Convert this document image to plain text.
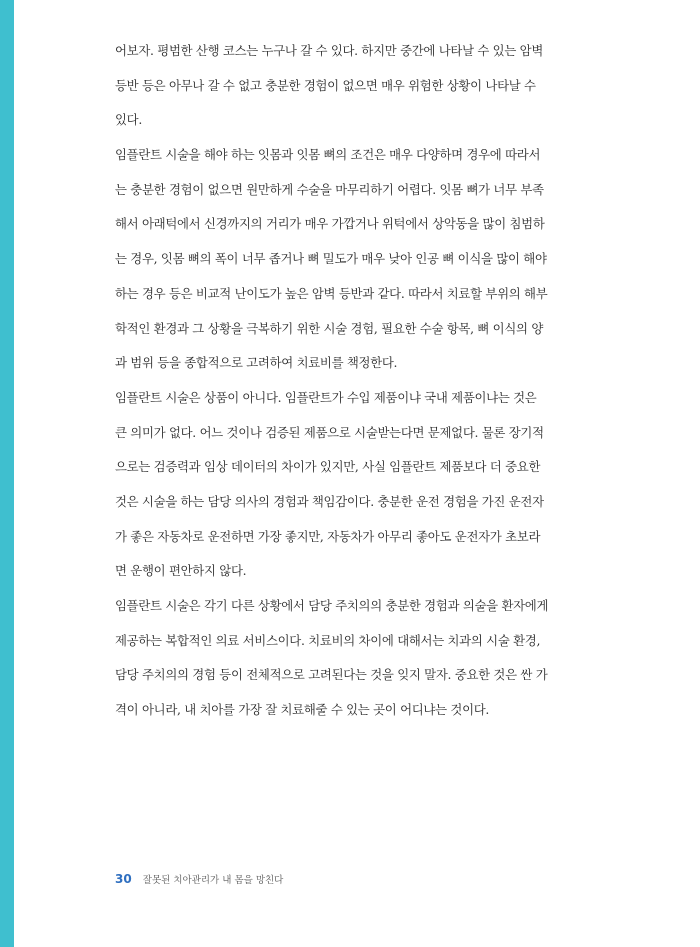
어보자. 평범한 산행 코스는 누구나 갈 수 있다. 하지만 중간에 나타날 수 있는 암벽
등반 등은 아무나 갈 수 없고 충분한 경험이 없으면 매우 위험한 상황이 나타날 수
있다.
임플란트 시술을 해야 하는 잇몸과 잇몸 뼈의 조건은 매우 다양하며 경우에 따라서
는 충분한 경험이 없으면 원만하게 수술을 마무리하기 어렵다. 잇몸 뼈가 너무 부족
해서 아래턱에서 신경까지의 거리가 매우 가깝거나 위턱에서 상악동을 많이 침범하
는 경우, 잇몸 뼈의 폭이 너무 좁거나 뼈 밀도가 매우 낮아 인공 뼈 이식을 많이 해야
하는 경우 등은 비교적 난이도가 높은 암벽 등반과 같다. 따라서 치료할 부위의 해부
학적인 환경과 그 상황을 극복하기 위한 시술 경험, 필요한 수술 항목, 뼈 이식의 양
과 범위 등을 종합적으로 고려하여 치료비를 책정한다.
임플란트 시술은 상품이 아니다. 임플란트가 수입 제품이냐 국내 제품이냐는 것은
큰 의미가 없다. 어느 것이나 검증된 제품으로 시술받는다면 문제없다. 물론 장기적
으로는 검증력과 임상 데이터의 차이가 있지만, 사실 임플란트 제품보다 더 중요한
것은 시술을 하는 담당 의사의 경험과 책임감이다. 충분한 운전 경험을 가진 운전자
가 좋은 자동차로 운전하면 가장 좋지만, 자동차가 아무리 좋아도 운전자가 초보라
면 운행이 편안하지 않다.
임플란트 시술은 각기 다른 상황에서 담당 주치의의 충분한 경험과 의술을 환자에게
제공하는 복합적인 의료 서비스이다. 치료비의 차이에 대해서는 치과의 시술 환경,
담당 주치의의 경험 등이 전체적으로 고려된다는 것을 잊지 말자. 중요한 것은 싼 가
격이 아니라, 내 치아를 가장 잘 치료해줄 수 있는 곳이 어디냐는 것이다.
30 잘못된 치아관리가 내 몸을 망친다
